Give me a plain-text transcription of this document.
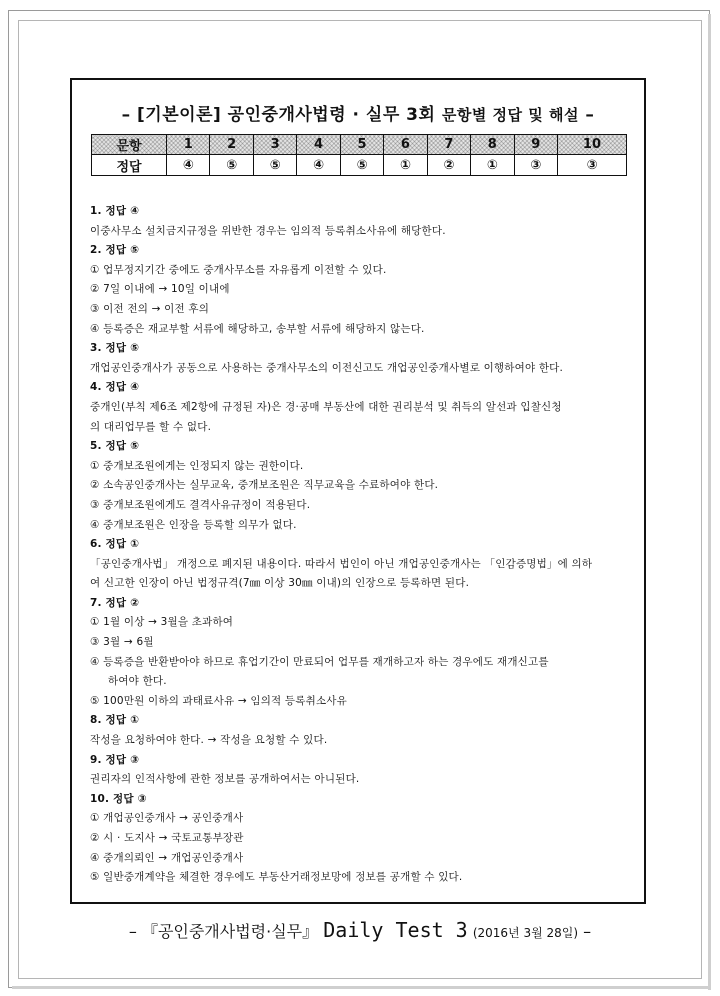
– [기본이론] 공인중개사법령 · 실무 3회 문항별 정답 및 해설 –
문항	1	2	3	4	5	6	7	8	9	10
정답	④	⑤	⑤	④	⑤	①	②	①	③	③
1. 정답 ④
이중사무소 설치금지규정을 위반한 경우는 임의적 등록취소사유에 해당한다.
2. 정답 ⑤
① 업무정지기간 중에도 중개사무소를 자유롭게 이전할 수 있다.
② 7일 이내에 → 10일 이내에
③ 이전 전의 → 이전 후의
④ 등록증은 재교부할 서류에 해당하고, 송부할 서류에 해당하지 않는다.
3. 정답 ⑤
개업공인중개사가 공동으로 사용하는 중개사무소의 이전신고도 개업공인중개사별로 이행하여야 한다.
4. 정답 ④
중개인(부칙 제6조 제2항에 규정된 자)은 경·공매 부동산에 대한 권리분석 및 취득의 알선과 입찰신청
의 대리업무를 할 수 없다.
5. 정답 ⑤
① 중개보조원에게는 인정되지 않는 권한이다.
② 소속공인중개사는 실무교육, 중개보조원은 직무교육을 수료하여야 한다.
③ 중개보조원에게도 결격사유규정이 적용된다.
④ 중개보조원은 인장을 등록할 의무가 없다.
6. 정답 ①
「공인중개사법」 개정으로 폐지된 내용이다. 따라서 법인이 아닌 개업공인중개사는 「인감증명법」에 의하
여 신고한 인장이 아닌 법정규격(7㎜ 이상 30㎜ 이내)의 인장으로 등록하면 된다.
7. 정답 ②
① 1월 이상 → 3월을 초과하여
③ 3월 → 6월
④ 등록증을 반환받아야 하므로 휴업기간이 만료되어 업무를 재개하고자 하는 경우에도 재개신고를
하여야 한다.
⑤ 100만원 이하의 과태료사유 → 임의적 등록취소사유
8. 정답 ①
작성을 요청하여야 한다. → 작성을 요청할 수 있다.
9. 정답 ③
권리자의 인적사항에 관한 정보를 공개하여서는 아니된다.
10. 정답 ③
① 개업공인중개사 → 공인중개사
② 시 · 도지사 → 국토교통부장관
④ 중개의뢰인 → 개업공인중개사
⑤ 일반중개계약을 체결한 경우에도 부동산거래정보망에 정보를 공개할 수 있다.
– 『공인중개사법령·실무』 Daily Test 3 (2016년 3월 28일) –
